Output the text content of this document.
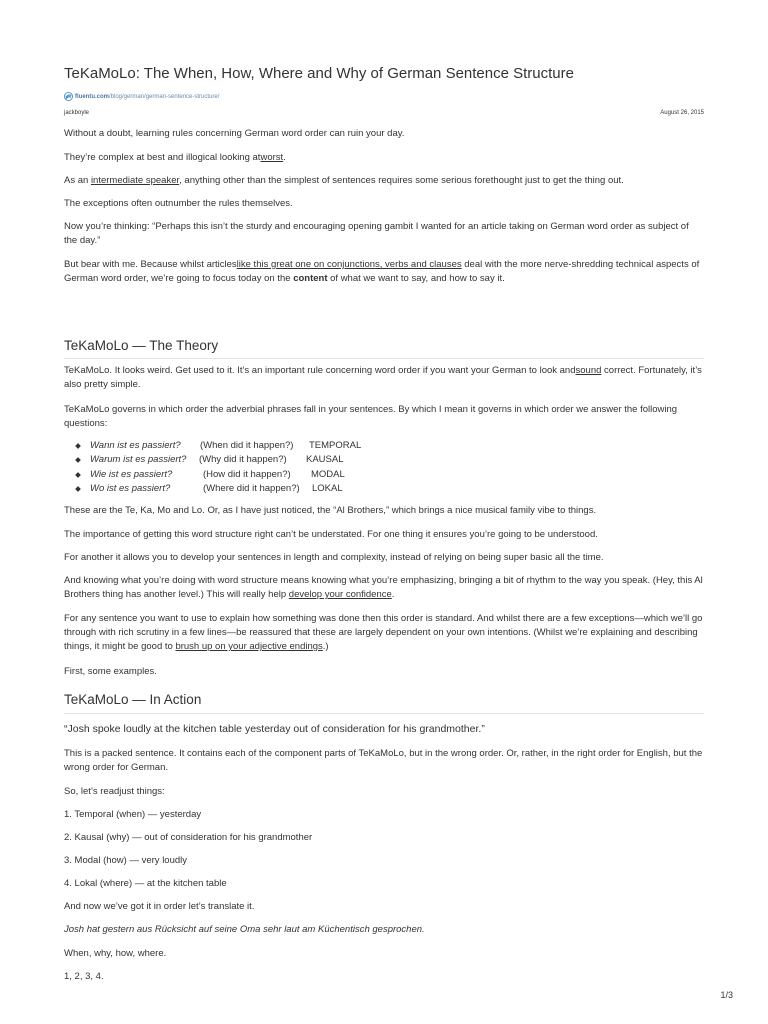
TeKaMoLo: The When, How, Where and Why of German Sentence Structure
fluentu.com /blog/german/german-sentence-structure/
jackboyle	August 26, 2015

Without a doubt, learning rules concerning German word order can ruin your day.

They’re complex at best and illogical looking atworst.

As an intermediate speaker, anything other than the simplest of sentences requires some serious forethought just to get the thing out.

The exceptions often outnumber the rules themselves.

Now you’re thinking: “Perhaps this isn’t the sturdy and encouraging opening gambit I wanted for an article taking on German word order as subject of the day.”

But bear with me. Because whilst articleslike this great one on conjunctions, verbs and clauses deal with the more nerve-shredding technical aspects of German word order, we’re going to focus today on the content of what we want to say, and how to say it.

TeKaMoLo — The Theory

TeKaMoLo. It looks weird. Get used to it. It’s an important rule concerning word order if you want your German to look andsound correct. Fortunately, it’s also pretty simple.

TeKaMoLo governs in which order the adverbial phrases fall in your sentences. By which I mean it governs in which order we answer the following questions:

Wann ist es passiert? (When did it happen?) TEMPORAL
Warum ist es passiert? (Why did it happen?) KAUSAL
Wie ist es passiert?	(How did it happen?) MODAL
Wo ist es passiert?	(Where did it happen?) LOKAL

These are the Te, Ka, Mo and Lo. Or, as I have just noticed, the “Al Brothers,” which brings a nice musical family vibe to things.

The importance of getting this word structure right can’t be understated. For one thing it ensures you’re going to be understood.

For another it allows you to develop your sentences in length and complexity, instead of relying on being super basic all the time.

And knowing what you’re doing with word structure means knowing what you’re emphasizing, bringing a bit of rhythm to the way you speak. (Hey, this Al Brothers thing has another level.) This will really help develop your confidence.

For any sentence you want to use to explain how something was done then this order is standard. And whilst there are a few exceptions—which we’ll go through with rich scrutiny in a few lines—be reassured that these are largely dependent on your own intentions. (Whilst we’re explaining and describing things, it might be good to brush up on your adjective endings.)

First, some examples.

TeKaMoLo — In Action

“Josh spoke loudly at the kitchen table yesterday out of consideration for his grandmother.”

This is a packed sentence. It contains each of the component parts of TeKaMoLo, but in the wrong order. Or, rather, in the right order for English, but the wrong order for German.

So, let’s readjust things:

1. Temporal (when) — yesterday

2. Kausal (why) — out of consideration for his grandmother

3. Modal (how) — very loudly

4. Lokal (where) — at the kitchen table

And now we’ve got it in order let’s translate it.

Josh hat gestern aus Rücksicht auf seine Oma sehr laut am Küchentisch gesprochen.

When, why, how, where.

1, 2, 3, 4.

1/3
